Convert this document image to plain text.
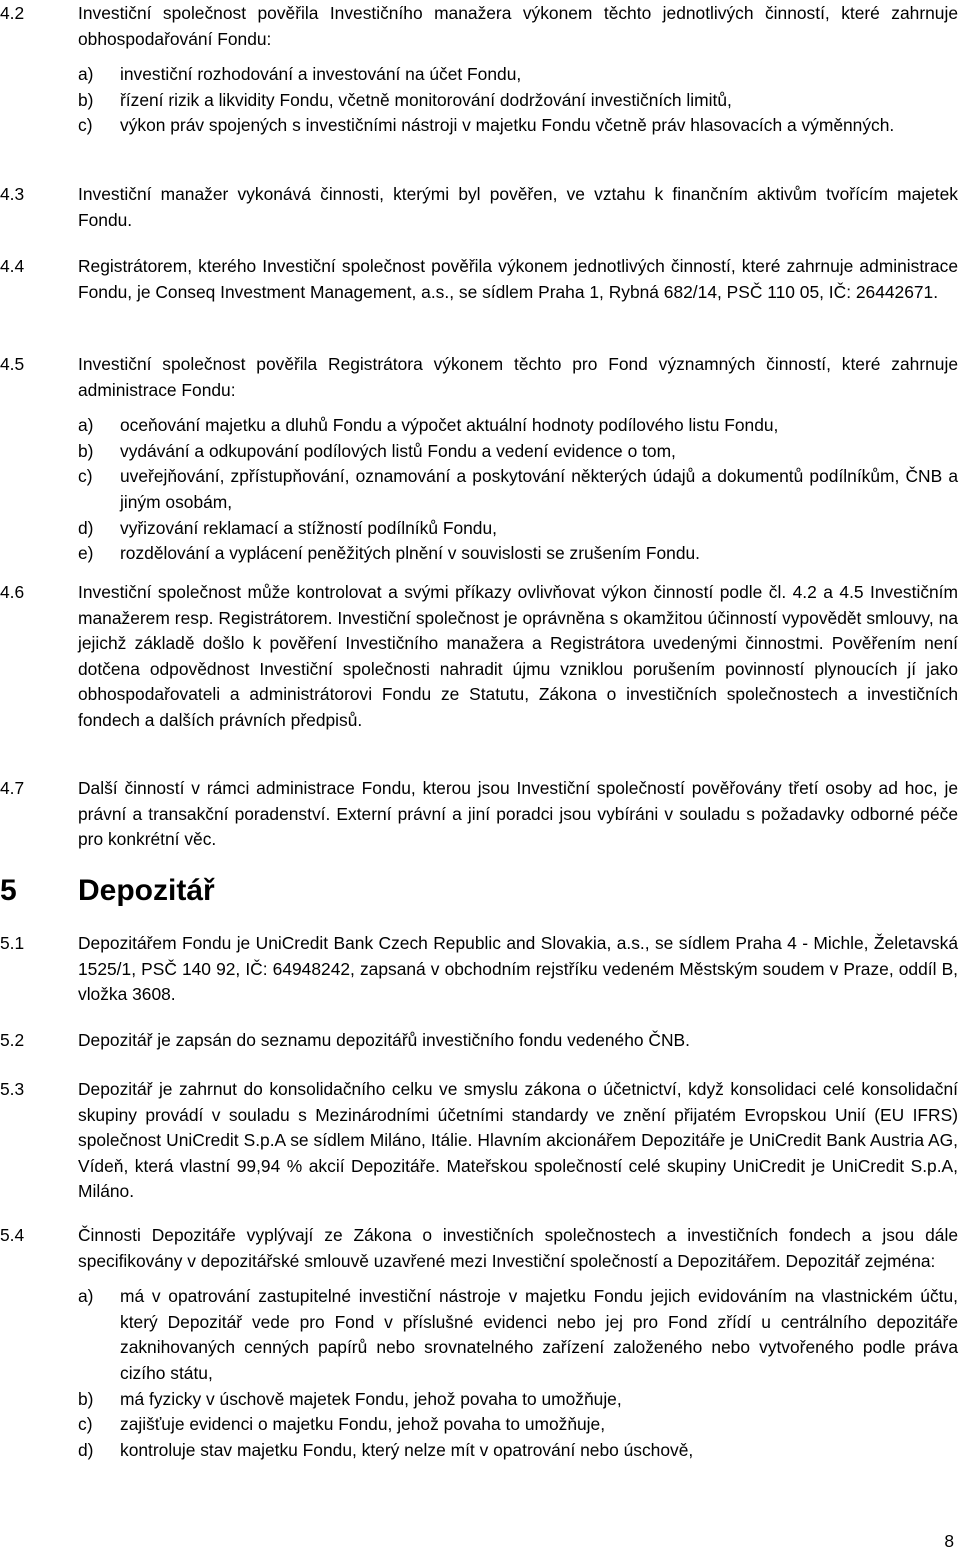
4.2	Investiční společnost pověřila Investičního manažera výkonem těchto jednotlivých činností, které zahrnuje obhospodařování Fondu:
a) investiční rozhodování a investování na účet Fondu,
b) řízení rizik a likvidity Fondu, včetně monitorování dodržování investičních limitů,
c) výkon práv spojených s investičními nástroji v majetku Fondu včetně práv hlasovacích a výměnných.
4.3	Investiční manažer vykonává činnosti, kterými byl pověřen, ve vztahu k finančním aktivům tvořícím majetek Fondu.
4.4	Registrátorem, kterého Investiční společnost pověřila výkonem jednotlivých činností, které zahrnuje administrace Fondu, je Conseq Investment Management, a.s., se sídlem Praha 1, Rybná 682/14, PSČ 110 05, IČ: 26442671.
4.5	Investiční společnost pověřila Registrátora výkonem těchto pro Fond významných činností, které zahrnuje administrace Fondu:
a) oceňování majetku a dluhů Fondu a výpočet aktuální hodnoty podílového listu Fondu,
b) vydávání a odkupování podílových listů Fondu a vedení evidence o tom,
c) uveřejňování, zpřístupňování, oznamování a poskytování některých údajů a dokumentů podílníkům, ČNB a jiným osobám,
d) vyřizování reklamací a stížností podílníků Fondu,
e) rozdělování a vyplácení peněžitých plnění v souvislosti se zrušením Fondu.
4.6	Investiční společnost může kontrolovat a svými příkazy ovlivňovat výkon činností podle čl. 4.2 a 4.5 Investičním manažerem resp. Registrátorem. Investiční společnost je oprávněna s okamžitou účinností vypovědět smlouvy, na jejichž základě došlo k pověření Investičního manažera a Registrátora uvedenými činnostmi. Pověřením není dotčena odpovědnost Investiční společnosti nahradit újmu vzniklou porušením povinností plynoucích jí jako obhospodařovateli a administrátorovi Fondu ze Statutu, Zákona o investičních společnostech a investičních fondech a dalších právních předpisů.
4.7	Další činností v rámci administrace Fondu, kterou jsou Investiční společností pověřovány třetí osoby ad hoc, je právní a transakční poradenství. Externí právní a jiní poradci jsou vybíráni v souladu s požadavky odborné péče pro konkrétní věc.
5 Depozitář
5.1	Depozitářem Fondu je UniCredit Bank Czech Republic and Slovakia, a.s., se sídlem Praha 4 - Michle, Želetavská 1525/1, PSČ 140 92, IČ: 64948242, zapsaná v obchodním rejstříku vedeném Městským soudem v Praze, oddíl B, vložka 3608.
5.2	Depozitář je zapsán do seznamu depozitářů investičního fondu vedeného ČNB.
5.3	Depozitář je zahrnut do konsolidačního celku ve smyslu zákona o účetnictví, když konsolidaci celé konsolidační skupiny provádí v souladu s Mezinárodními účetními standardy ve znění přijatém Evropskou Unií (EU IFRS) společnost UniCredit S.p.A se sídlem Miláno, Itálie. Hlavním akcionářem Depozitáře je UniCredit Bank Austria AG, Vídeň, která vlastní 99,94 % akcií Depozitáře. Mateřskou společností celé skupiny UniCredit je UniCredit S.p.A, Miláno.
5.4	Činnosti Depozitáře vyplývají ze Zákona o investičních společnostech a investičních fondech a jsou dále specifikovány v depozitářské smlouvě uzavřené mezi Investiční společností a Depozitářem. Depozitář zejména:
a) má v opatrování zastupitelné investiční nástroje v majetku Fondu jejich evidováním na vlastnickém účtu, který Depozitář vede pro Fond v příslušné evidenci nebo jej pro Fond zřídí u centrálního depozitáře zaknihovaných cenných papírů nebo srovnatelného zařízení založeného nebo vytvořeného podle práva cizího státu,
b) má fyzicky v úschově majetek Fondu, jehož povaha to umožňuje,
c) zajišťuje evidenci o majetku Fondu, jehož povaha to umožňuje,
d) kontroluje stav majetku Fondu, který nelze mít v opatrování nebo úschově,
8
